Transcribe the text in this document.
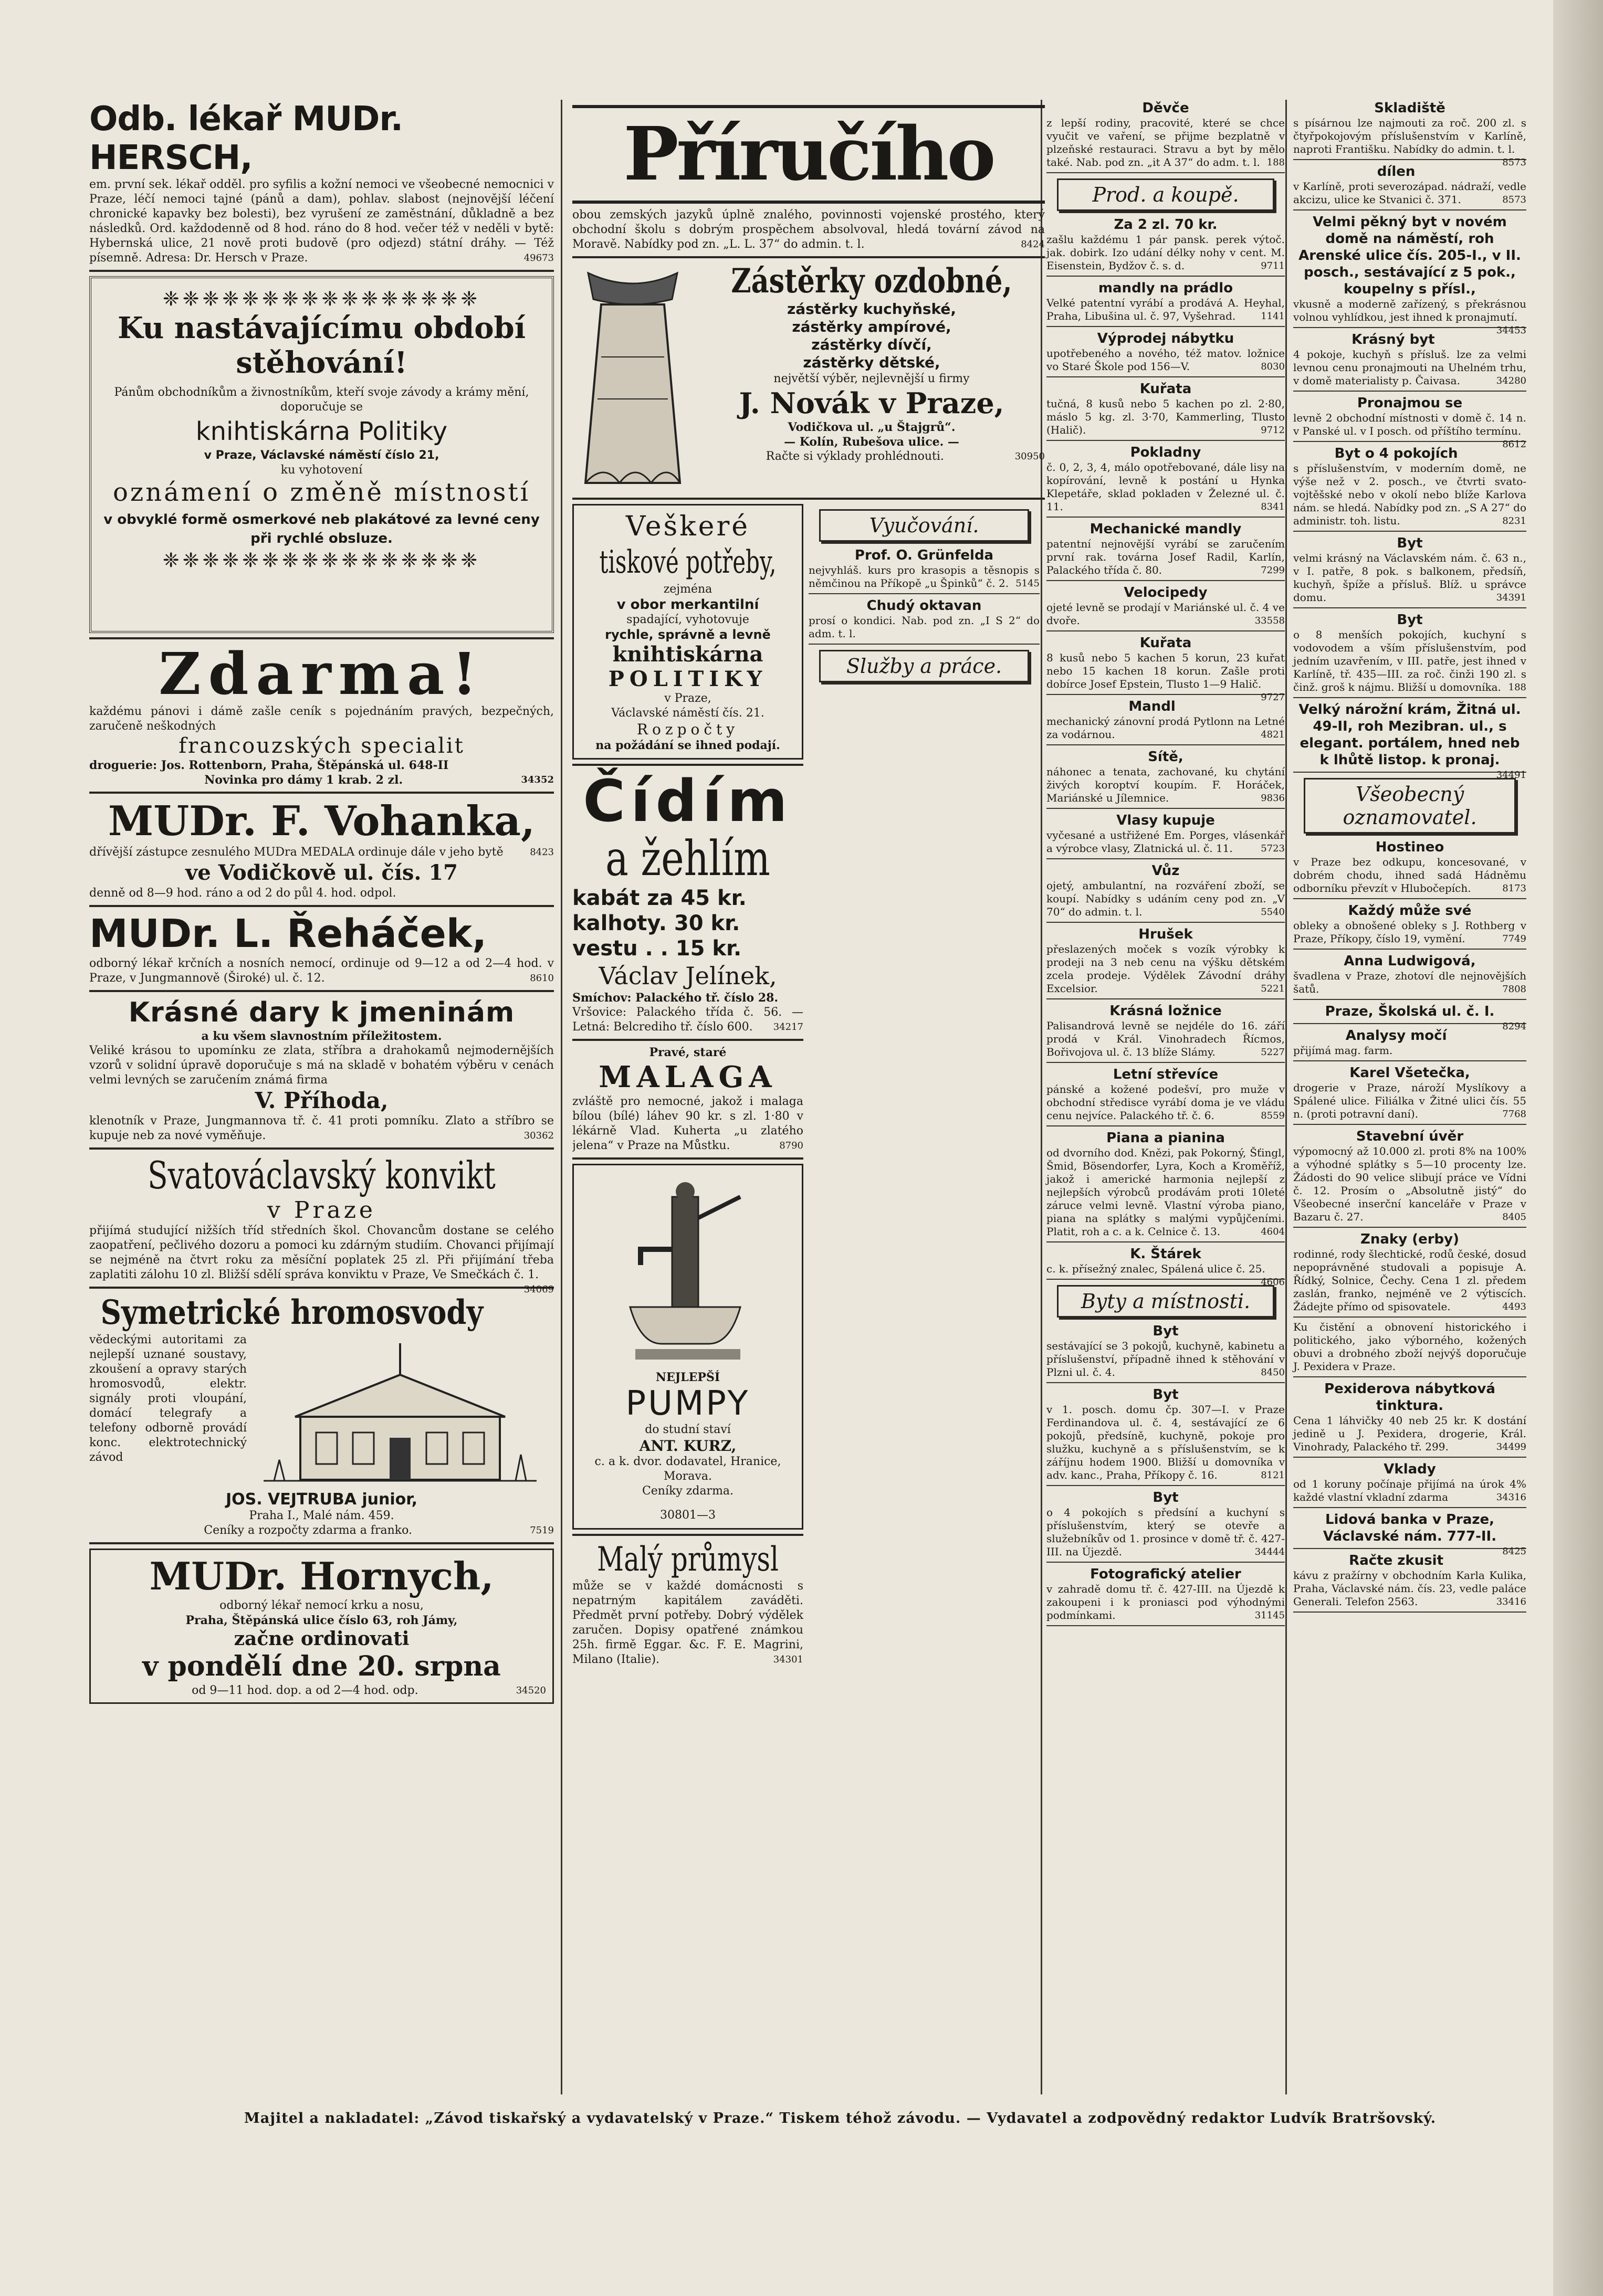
Odb. lékař MUDr. HERSCH,

em. první sek. lékař odděl. pro syfilis a kožní nemoci ve všeobecné nemocnici v Praze, léčí nemoci tajné (pánů a dam), pohlav. slabost (nejnovější léčení chronické kapavky bez bolesti), bez vyrušení ze zaměstnání, důkladně a bez následků. Ord. každodenně od 8 hod. ráno do 8 hod. večer též v neděli v bytě: Hybernská ulice, 21 nově proti budově (pro odjezd) státní dráhy. — Též písemně. Adresa: Dr. Hersch v Praze.	49673

❈❈❈❈❈❈❈❈❈❈❈❈❈❈❈❈
Ku nastávajícímu období stěhování!

Pánům obchodníkům a živnostníkům, kteří svoje závody a krámy mění, doporučuje se

knihtiskárna Politiky

v Praze, Václavské náměstí číslo 21,

ku vyhotovení

oznámení o změně místností

v obvyklé formě osmerkové neb plakátové za levné ceny při rychlé obsluze.

❈❈❈❈❈❈❈❈❈❈❈❈❈❈❈❈
Zdarma!

každému pánovi i dámě zašle ceník s pojednáním pravých, bezpečných, zaručeně neškodných

francouzských specialit

droguerie: Jos. Rottenborn, Praha, Štěpánská ul. 648-II

Novinka pro dámy 1 krab. 2 zl.	34352

MUDr. F. Vohanka,

dřívější zástupce zesnulého MUDra MEDALA ordinuje dále v jeho bytě	8423

ve Vodičkově ul. čís. 17

denně od 8—9 hod. ráno a od 2 do půl 4. hod. odpol.

MUDr. L. Řeháček,

odborný lékař krčních a nosních nemocí, ordinuje od 9—12 a od 2—4 hod. v Praze, v Jungmannově (Široké) ul. č. 12.	8610

Krásné dary k jmeninám

a ku všem slavnostním příležitostem.

Veliké krásou to upomínku ze zlata, stříbra a drahokamů nejmodernějších vzorů v solidní úpravě doporučuje s má na skladě v bohatém výběru v cenách velmi levných se zaručením známá firma

V. Příhoda,

klenotník v Praze, Jungmannova tř. č. 41 proti pomníku. Zlato a stříbro se kupuje neb za nové vyměňuje.	30362

Svatováclavský konvikt
v Praze

přijímá studující nižších tříd středních škol. Chovancům dostane se celého zaopatření, pečlivého dozoru a pomoci ku zdárným studiím. Chovanci přijímají se nejméně na čtvrt roku za měsíční poplatek 25 zl. Při přijímání třeba zaplatiti zálohu 10 zl. Bližší sdělí správa konviktu v Praze, Ve Smečkách č. 1.
34069

Symetrické hromosvody

vědeckými autoritami za nejlepší uznané soustavy, zkoušení a opravy starých hromosvodů, elektr. signály proti vloupání, domácí telegrafy a telefony odborně provádí konc. elektrotechnický závod

JOS. VEJTRUBA junior,

Praha I., Malé nám. 459.

Ceníky a rozpočty zdarma a franko.	7519

MUDr. Hornych,

odborný lékař nemocí krku a nosu,

Praha, Štěpánská ulice číslo 63, roh Jámy,

začne ordinovati
v pondělí dne 20. srpna

od 9—11 hod. dop. a od 2—4 hod. odp.	34520

Příručího

obou zemských jazyků úplně znalého, povinnosti vojenské prostého, který obchodní školu s dobrým prospěchem absolvoval, hledá tovární závod na Moravě. Nabídky pod zn. „L. L. 37“ do admin. t. l.	8424

Zástěrky ozdobné,

zástěrky kuchyňské,

zástěrky ampírové,

zástěrky dívčí,

zástěrky dětské,

největší výběr, nejlevnější u firmy

J. Novák v Praze,

Vodičkova ul. „u Štajgrů“.

— Kolín, Rubešova ulice. —

Račte si výklady prohlédnouti.	30950

Veškeré
tiskové potřeby,

zejména

v obor merkantilní

spadající, vyhotovuje

rychle, správně a levně

knihtiskárna
POLITIKY

v Praze,

Václavské náměstí čís. 21.

Rozpočty

na požádání se ihned podají.

Čídím
a žehlím
kabát za 45 kr.
kalhoty. 30 kr.
vestu . . 15 kr.
Václav Jelínek,

Smíchov: Palackého tř. číslo 28.

Vršovice: Palackého třída č. 56. — Letná: Belcrediho tř. číslo 600.	34217

Pravé, staré

MALAGA

zvláště pro nemocné, jakož i malaga bílou (bílé) láhev 90 kr. s zl. 1·80 v lékárně Vlad. Kuherta „u zlatého jelena“ v Praze na Můstku.	8790

NEJLEPŠÍ

PUMPY

do studní staví

ANT. KURZ,

c. a k. dvor. dodavatel, Hranice, Morava.

Ceníky zdarma.

30801—3

Malý průmysl

může se v každé domácnosti s nepatrným kapitálem zaváděti. Předmět první potřeby. Dobrý výdělek zaručen. Dopisy opatřené známkou 25h. firmě Eggar. &c. F. E. Magrini, Milano (Italie).	34301

Vyučování.
Prof. O. Grünfelda

nejvyhláš. kurs pro krasopis a těsnopis s němčinou na Příkopě „u Špinků“ č. 2. 5145

Chudý oktavan

prosí o kondici. Nab. pod zn. „I S 2“ do adm. t. l.

Služby a práce.
Děvče

z lepší rodiny, pracovité, které se chce vyučit ve vaření, se přijme bezplatně v plzeňské restauraci. Stravu a byt by mělo také. Nab. pod zn. „it A 37“ do adm. t. l. 188

Prod. a koupě.
Za 2 zl. 70 kr.

zašlu každému 1 pár pansk. perek výtoč. jak. dobirk. Izo udání délky nohy v cent. M. Eisenstein, Bydžov č. s. d.	9711

mandly na prádlo

Velké patentní vyrábí a prodává A. Heyhal, Praha, Libušina ul. č. 97, Vyšehrad.	1141

Výprodej nábytku

upotřebeného a nového, též matov. ložnice vo Staré Škole pod 156—V.	8030

Kuřata

tučná, 8 kusů nebo 5 kachen po zl. 2·80, máslo 5 kg. zl. 3·70, Kammerling, Tlusto (Halič).	9712

Pokladny

č. 0, 2, 3, 4, málo opotřebované, dále lisy na kopírování, levně k postání u Hynka Klepetáře, sklad pokladen v Železné ul. č. 11.	8341

Mechanické mandly

patentní nejnovější vyrábí se zaručením první rak. továrna Josef Radil, Karlín, Palackého třída č. 80.	7299

Velocipedy

ojeté levně se prodají v Mariánské ul. č. 4 ve dvoře.	33558

Kuřata

8 kusů nebo 5 kachen 5 korun, 23 kuřat nebo 15 kachen 18 korun. Zašle proti dobírce Josef Epstein, Tlusto 1—9 Halič.
9727

Mandl

mechanický zánovní prodá Pytlonn na Letné za vodárnou.	4821

Sítě,

náhonec a tenata, zachované, ku chytání živých koroptví koupím. F. Horáček, Mariánské u Jílemnice.	9836

Vlasy kupuje

vyčesané a ustřižené Em. Porges, vlásenkář a výrobce vlasy, Zlatnická ul. č. 11.	5723

Vůz

ojetý, ambulantní, na rozváření zboží, se koupí. Nabídky s udáním ceny pod zn. „V 70“ do admin. t. l.	5540

Hrušek

přeslazených moček s vozík výrobky k prodeji na 3 neb cenu na výšku dětském zcela prodeje. Výdělek Závodní dráhy Excelsior.	5221

Krásná ložnice

Palisandrová levně se nejdéle do 16. září prodá v Král. Vinohradech Řícmos, Bořivojova ul. č. 13 blíže Slámy.	5227

Letní střevíce

pánské a kožené podešví, pro muže v obchodní středisce vyrábí doma je ve vládu cenu nejvíce. Palackého tř. č. 6.	8559

Piana a pianina

od dvorního dod. Knězi, pak Pokorný, Šťingl, Šmid, Bösendorfer, Lyra, Koch a Kroměříž, jakož i americké harmonia nejlepší z nejlepších výrobců prodávám proti 10leté záruce velmi levně. Vlastní výroba piano, piana na splátky s malými vypůjčeními. Platit, roh a c. a k. Celnice č. 13.	4604

K. Štárek

c. k. přísežný znalec, Spálená ulice č. 25.
4606

Byty a místnosti.
Byt

sestávající se 3 pokojů, kuchyně, kabinetu a příslušenství, případně ihned k stěhování v Plzni ul. č. 4.	8450

Byt

v 1. posch. domu čp. 307—I. v Praze Ferdinandova ul. č. 4, sestávající ze 6 pokojů, předsíně, kuchyně, pokoje pro služku, kuchyně a s příslušenstvím, se k záříjnu hodem 1900. Bližší u domovníka v adv. kanc., Praha, Příkopy č. 16.	8121

Byt

o 4 pokojích s předsíní a kuchyní s příslušenstvím, který se otevře a služebníkův od 1. prosince v domě tř. č. 427-III. na Újezdě.	34444

Fotografický atelier

v zahradě domu tř. č. 427-III. na Újezdě k zakoupeni i k proniasci pod výhodnými podmínkami.	31145

Skladiště

s písárnou lze najmouti za roč. 200 zl. s čtyřpokojovým příslušenstvím v Karlíně, naproti Františku. Nabídky do admin. t. l.
8573

dílen

v Karlíně, proti severozápad. nádraží, vedle akcizu, ulice ke Stvanici č. 371.	8573

Velmi pěkný byt v novém domě na náměstí, roh Arenské ulice čís. 205-I., v II. posch., sestávající z 5 pok., koupelny s přísl.,

vkusně a moderně zařízený, s překrásnou volnou vyhlídkou, jest ihned k pronajmutí.
34453

Krásný byt

4 pokoje, kuchyň s přísluš. lze za velmi levnou cenu pronajmouti na Uhelném trhu, v domě materialisty p. Čaivasa.	34280

Pronajmou se

levně 2 obchodní místnosti v domě č. 14 n. v Panské ul. v I posch. od příštího termínu.
8612

Byt o 4 pokojích

s příslušenstvím, v moderním domě, ne výše než v 2. posch., ve čtvrti svato-vojtěšské nebo v okolí nebo blíže Karlova nám. se hledá. Nabídky pod zn. „S A 27“ do administr. toh. listu.	8231

Byt

velmi krásný na Václavském nám. č. 63 n., v I. patře, 8 pok. s balkonem, předsíň, kuchyň, špíže a přísluš. Blíž. u správce domu.	34391

Byt

o 8 menších pokojích, kuchyní s vodovodem a vším příslušenstvím, pod jedním uzavřením, v III. patře, jest ihned v Karlíně, tř. 435—III. za roč. činži 190 zl. s činž. groš k nájmu. Bližší u domovníka. 188

Velký nárožní krám, Žitná ul. 49-II, roh Mezibran. ul., s elegant. portálem, hned neb k lhůtě listop. k pronaj.

34491

Všeobecný oznamovatel.
Hostineo

v Praze bez odkupu, koncesované, v dobrém chodu, ihned sadá Hádněmu odborníku převzít v Hlubočepích.	8173

Každý může své

obleky a obnošené obleky s J. Rothberg v Praze, Příkopy, číslo 19, vymění.	7749

Anna Ludwigová,

švadlena v Praze, zhotoví dle nejnovějších šatů.	7808

Praze, Školská ul. č. I.

8294

Analysy močí

přijímá mag. farm.

Karel Všetečka,

drogerie v Praze, nároží Myslíkovy a Spálené ulice. Filiálka v Žitné ulici čís. 55 n. (proti potravní daní).	7768

Stavební úvěr

výpomocný až 10.000 zl. proti 8% na 100% a výhodné splátky s 5—10 procenty lze. Žádosti do 90 velice slibují práce ve Vídni č. 12. Prosím o „Absolutně jistý“ do Všeobecné inserční kanceláře v Praze v Bazaru č. 27.	8405

Znaky (erby)

rodinné, rody šlechtické, rodů české, dosud nepoprávněné studovali a popisuje A. Řídký, Solnice, Čechy. Cena 1 zl. předem zaslán, franko, nejméně ve 2 výtiscích. Žádejte přímo od spisovatele.	4493

Ku čistění a obnovení historického i politického, jako výborného, kožených obuvi a drobného zboží nejvýš doporučuje J. Pexidera v Praze.

Pexiderova nábytková tinktura.

Cena 1 láhvičky 40 neb 25 kr. K dostání jedině u J. Pexidera, drogerie, Král. Vinohrady, Palackého tř. 299.	34499

Vklady

od 1 koruny počínaje přijímá na úrok 4% každé vlastní vkladní zdarma	34316

Lidová banka v Praze, Václavské nám. 777-II.

8425

Račte zkusit

kávu z pražírny v obchodním Karla Kulika, Praha, Václavské nám. čís. 23, vedle paláce Generali. Telefon 2563.	33416

Majitel a nakladatel: „Závod tiskařský a vydavatelský v Praze.“ Tiskem téhož závodu. — Vydavatel a zodpovědný redaktor Ludvík Bratršovský.
